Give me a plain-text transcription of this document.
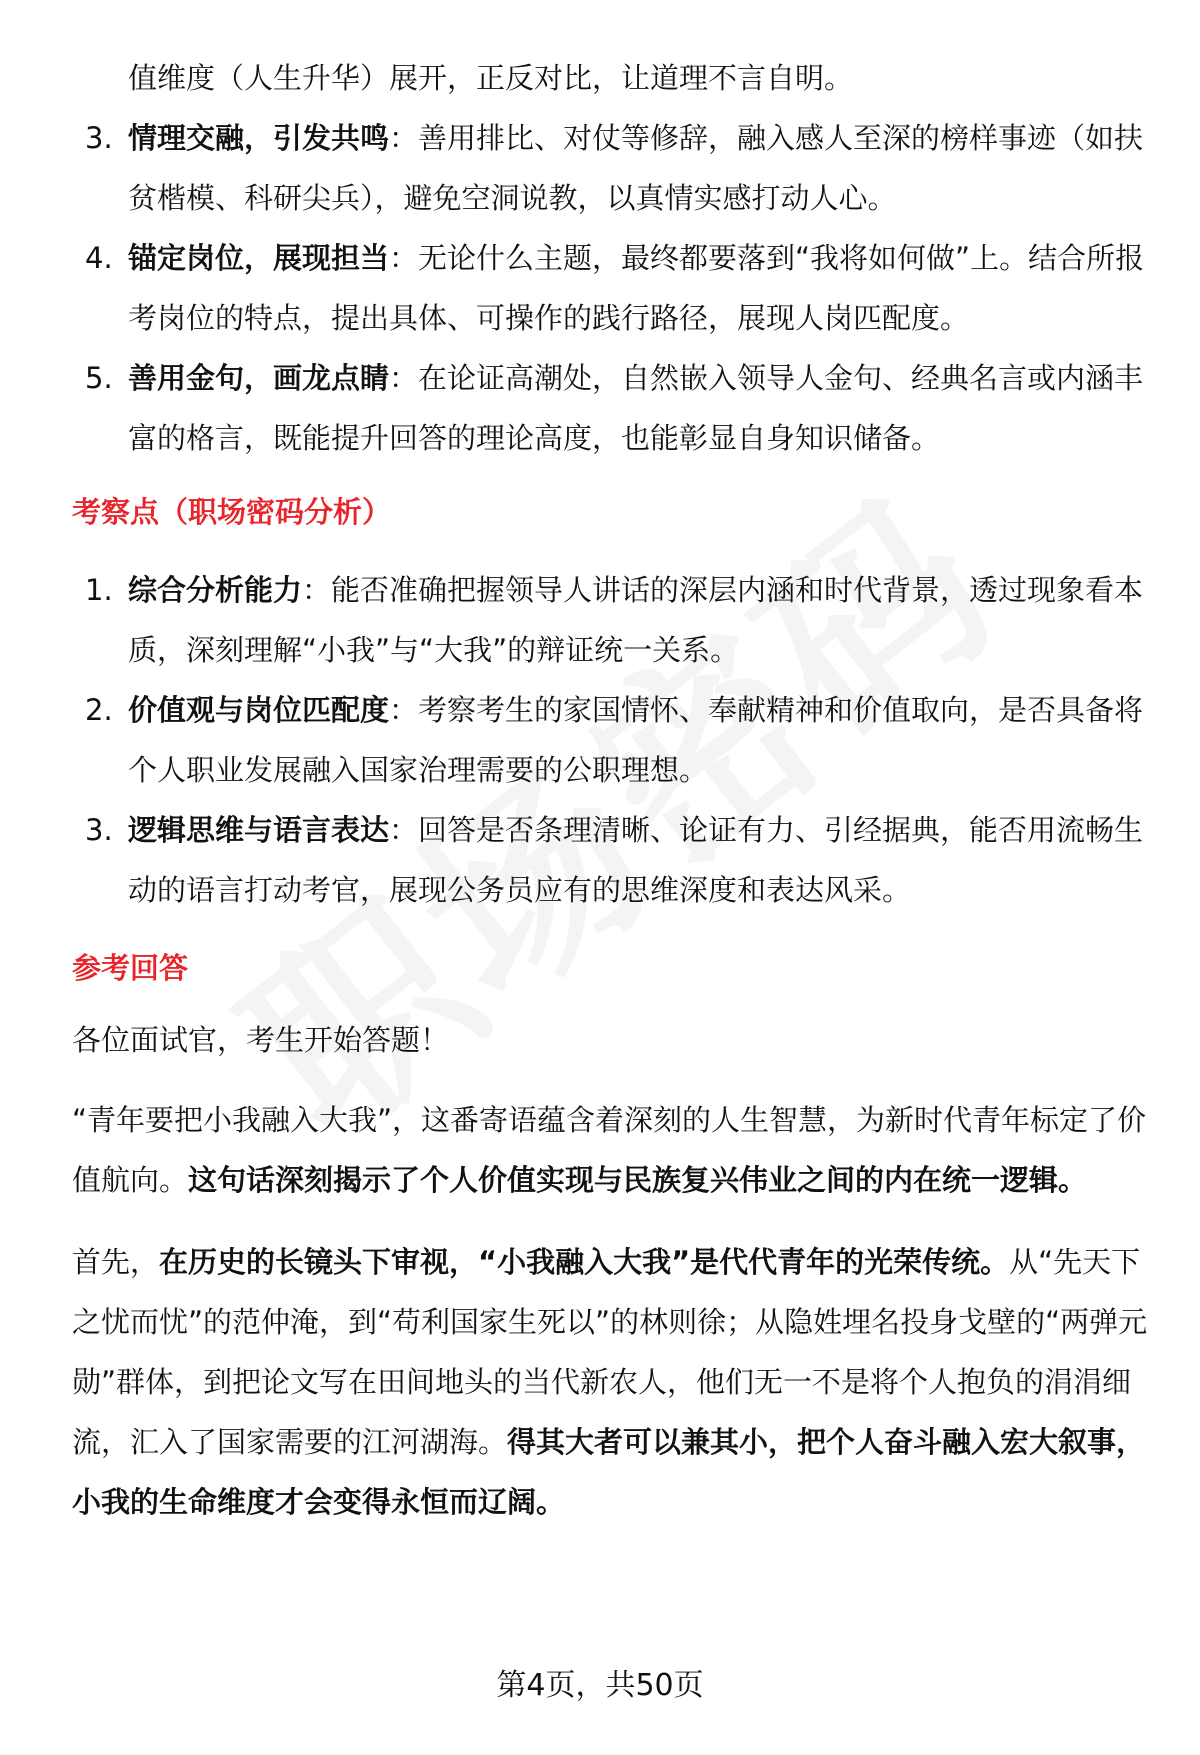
值维度（人生升华）展开，正反对比，让道理不言自明。
3. 情理交融，引发共鸣：善用排比、对仗等修辞，融入感人至深的榜样事迹（如扶贫楷模、科研尖兵），避免空洞说教，以真情实感打动人心。
4. 锚定岗位，展现担当：无论什么主题，最终都要落到“我将如何做”上。结合所报考岗位的特点，提出具体、可操作的践行路径，展现人岗匹配度。
5. 善用金句，画龙点睛：在论证高潮处，自然嵌入领导人金句、经典名言或内涵丰富的格言，既能提升回答的理论高度，也能彰显自身知识储备。
考察点（职场密码分析）
1. 综合分析能力：能否准确把握领导人讲话的深层内涵和时代背景，透过现象看本质，深刻理解“小我”与“大我”的辩证统一关系。
2. 价值观与岗位匹配度：考察考生的家国情怀、奉献精神和价值取向，是否具备将个人职业发展融入国家治理需要的公职理想。
3. 逻辑思维与语言表达：回答是否条理清晰、论证有力、引经据典，能否用流畅生动的语言打动考官，展现公务员应有的思维深度和表达风采。
参考回答
各位面试官，考生开始答题！
“青年要把小我融入大我”，这番寄语蕴含着深刻的人生智慧，为新时代青年标定了价值航向。这句话深刻揭示了个人价值实现与民族复兴伟业之间的内在统一逻辑。
首先，在历史的长镜头下审视，“小我融入大我”是代代青年的光荣传统。从“先天下之忧而忧”的范仲淹，到“苟利国家生死以”的林则徐；从隐姓埋名投身戈壁的“两弹元勋”群体，到把论文写在田间地头的当代新农人，他们无一不是将个人抱负的涓涓细流，汇入了国家需要的江河湖海。得其大者可以兼其小，把个人奋斗融入宏大叙事，小我的生命维度才会变得永恒而辽阔。
第4页，共50页
